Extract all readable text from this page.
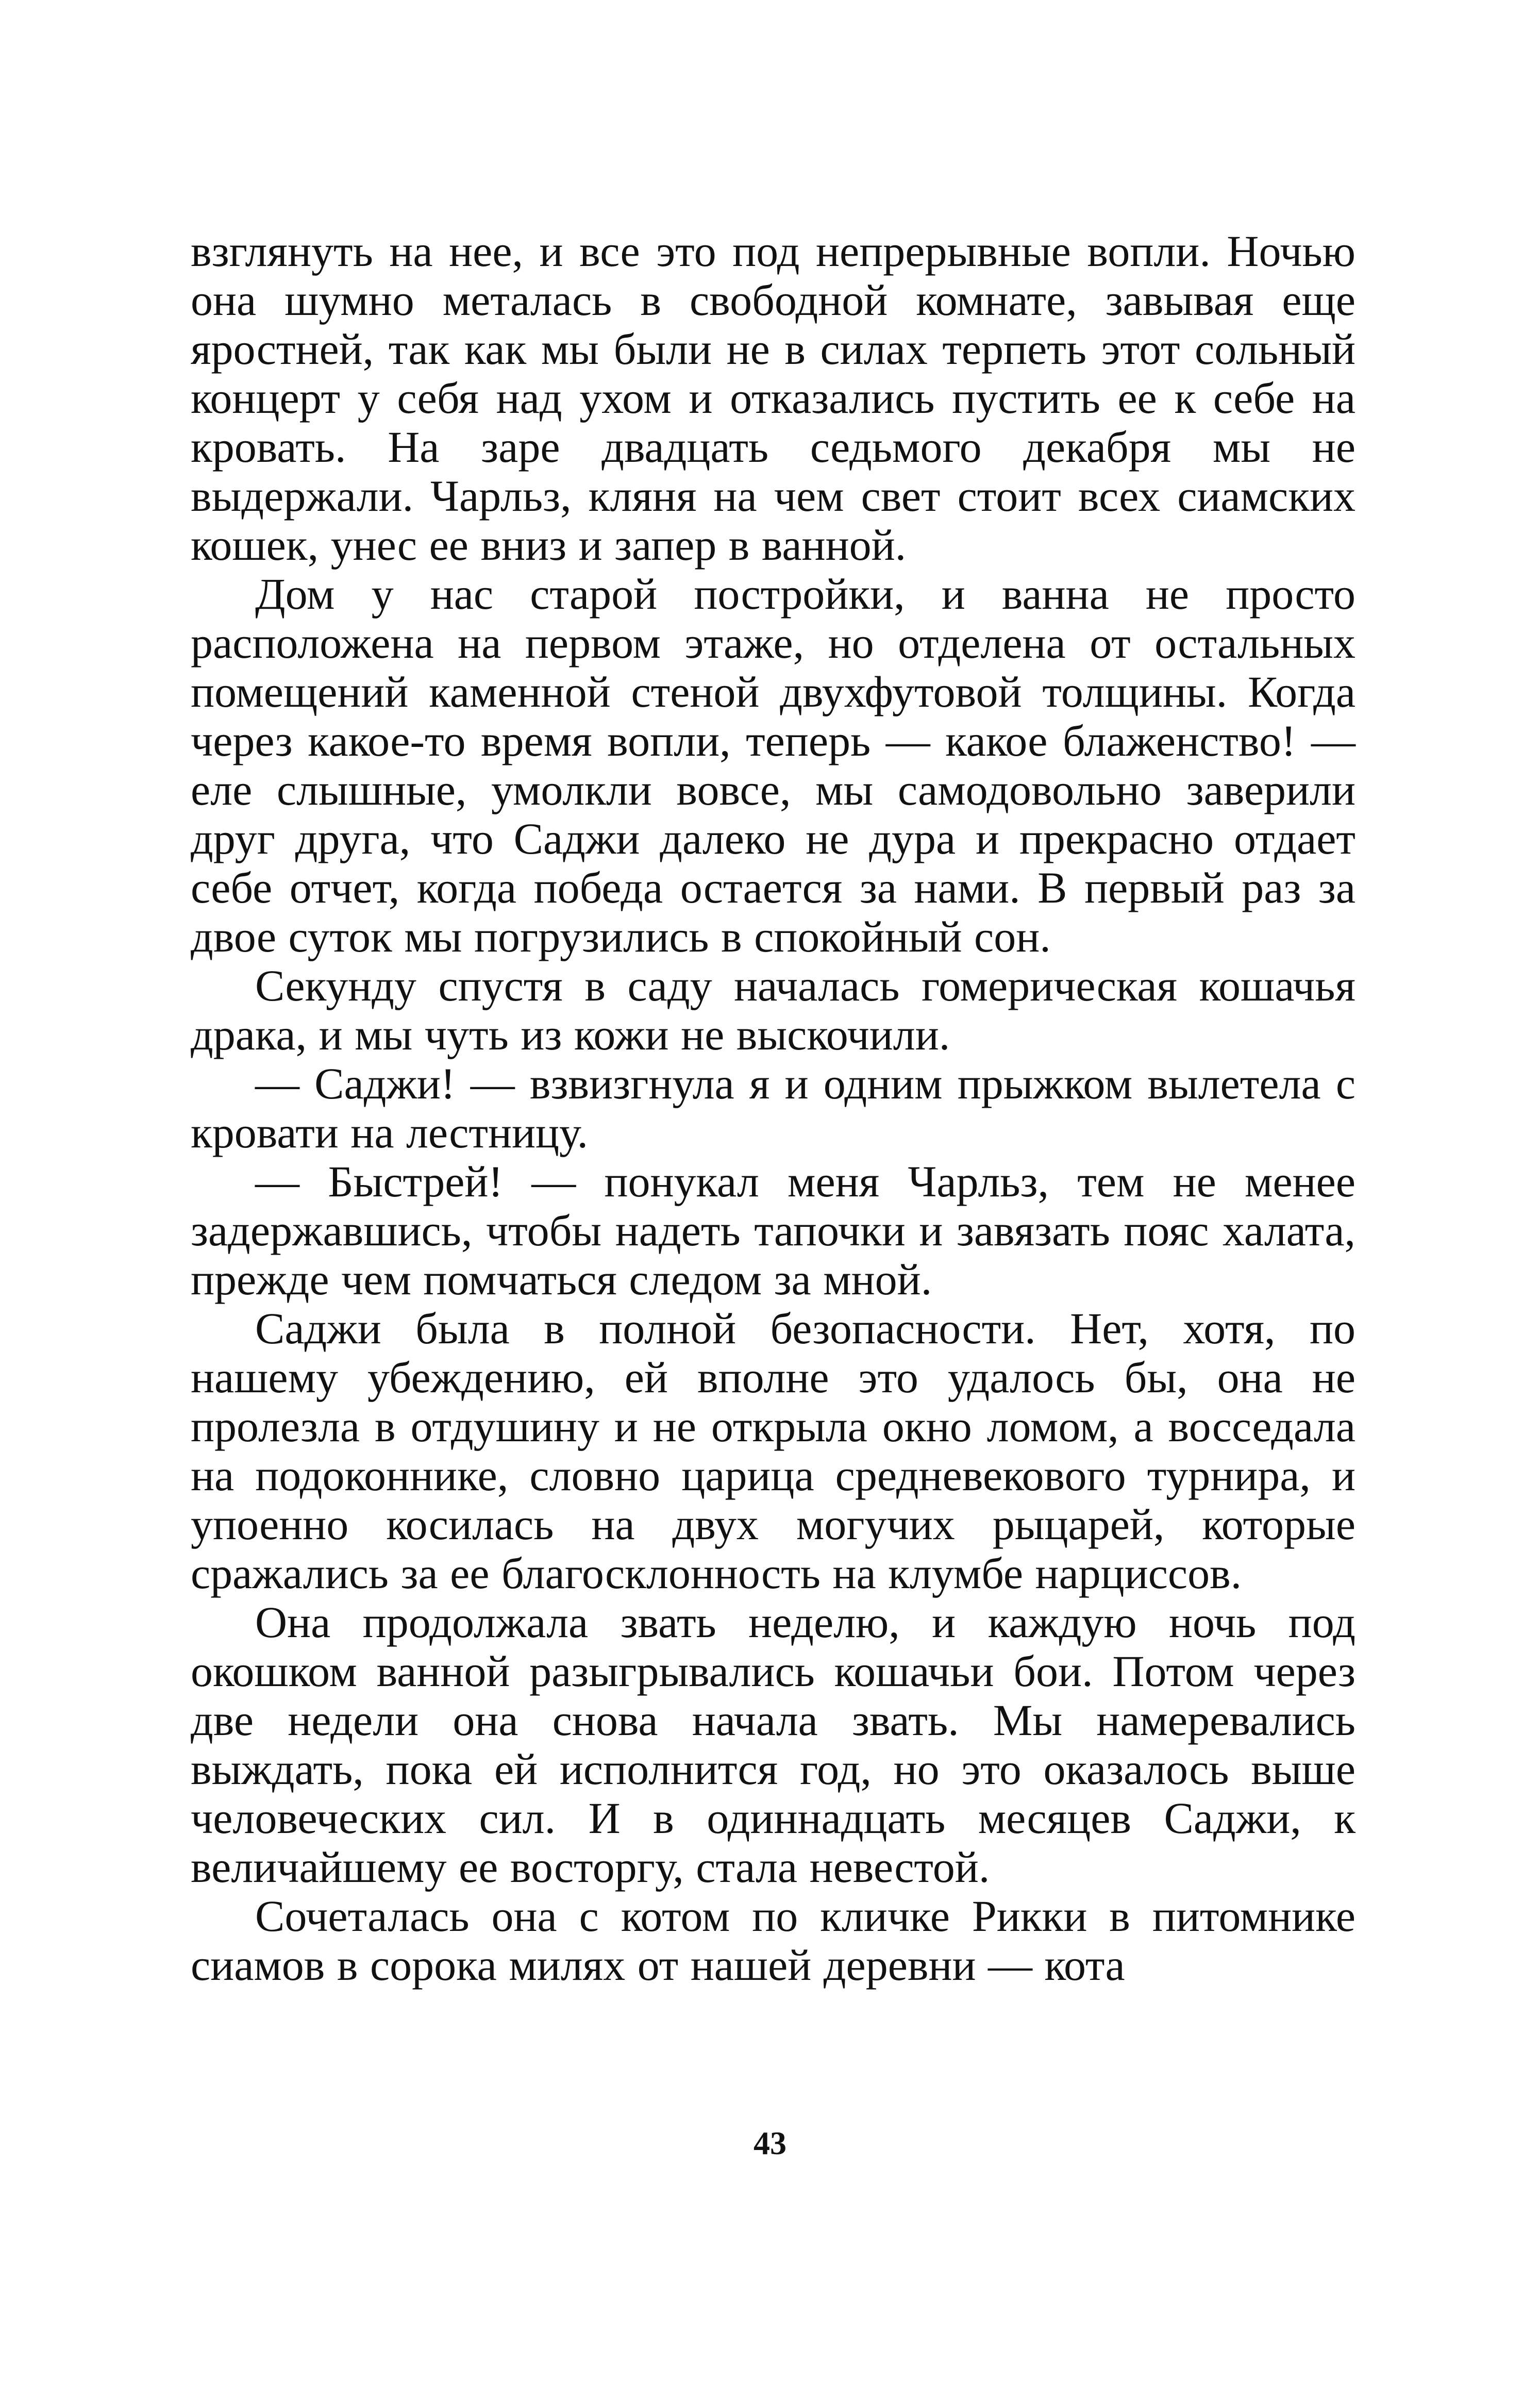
взглянуть на нее, и все это под непрерывные вопли. Ночью она шумно металась в свободной комнате, завывая еще яростней, так как мы были не в силах терпеть этот сольный концерт у себя над ухом и отказались пустить ее к себе на кровать. На заре двадцать седьмого декабря мы не выдержали. Чарльз, кляня на чем свет стоит всех сиамских кошек, унес ее вниз и запер в ванной.

Дом у нас старой постройки, и ванна не просто расположена на первом этаже, но отделена от остальных помещений каменной стеной двухфутовой толщины. Когда через какое-то время вопли, теперь — какое блаженство! — еле слышные, умолкли вовсе, мы самодовольно заверили друг друга, что Саджи далеко не дура и прекрасно отдает себе отчет, когда победа остается за нами. В первый раз за двое суток мы погрузились в спокойный сон.

Секунду спустя в саду началась гомерическая кошачья драка, и мы чуть из кожи не выскочили.

— Саджи! — взвизгнула я и одним прыжком вылетела с кровати на лестницу.

— Быстрей! — понукал меня Чарльз, тем не менее задержавшись, чтобы надеть тапочки и завязать пояс халата, прежде чем помчаться следом за мной.

Саджи была в полной безопасности. Нет, хотя, по нашему убеждению, ей вполне это удалось бы, она не пролезла в отдушину и не открыла окно ломом, а восседала на подоконнике, словно царица средневекового турнира, и упоенно косилась на двух могучих рыцарей, которые сражались за ее благосклонность на клумбе нарциссов.

Она продолжала звать неделю, и каждую ночь под окошком ванной разыгрывались кошачьи бои. Потом через две недели она снова начала звать. Мы намеревались выждать, пока ей исполнится год, но это оказалось выше человеческих сил. И в одиннадцать месяцев Саджи, к величайшему ее восторгу, стала невестой.

Сочеталась она с котом по кличке Рикки в питомнике сиамов в сорока милях от нашей деревни — кота

43
